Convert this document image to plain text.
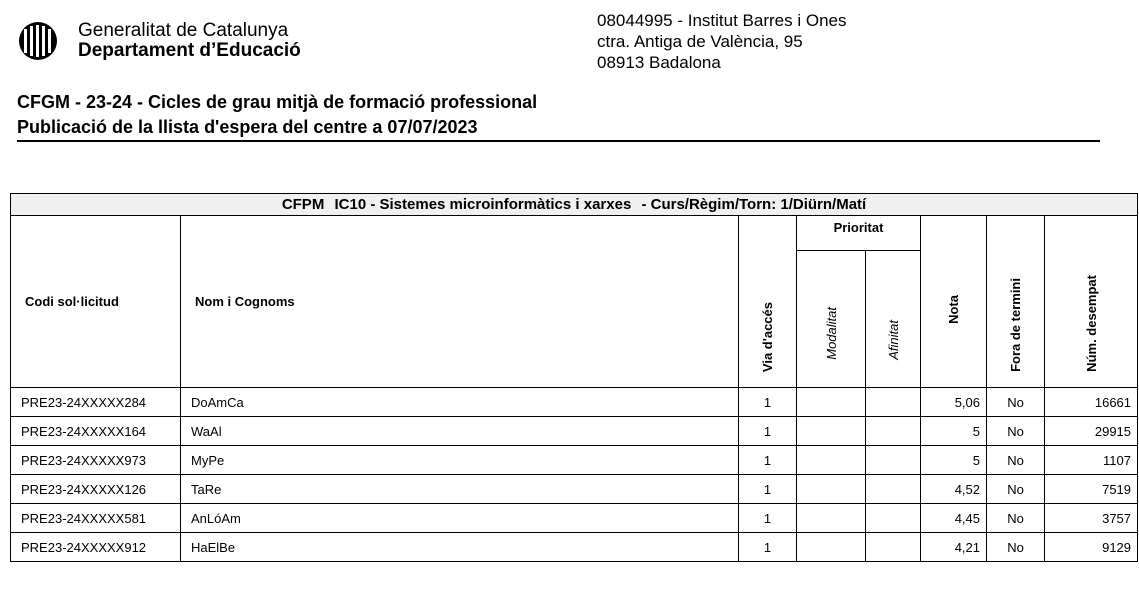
Generalitat de Catalunya
Departament d’Educació
08044995 - Institut Barres i Ones
ctra. Antiga de València, 95
08913 Badalona
CFGM - 23-24 - Cicles de grau mitjà de formació professional
Publicació de la llista d'espera del centre a 07/07/2023
CFPM IC10 - Sistemes microinformàtics i xarxes - Curs/Règim/Torn: 1/Diürn/Matí							
Codi sol·licitud	Nom i Cognoms	Via d'accés	Prioritat		Nota	Fora de termini	Núm. desempat
			Modalitat	Afinitat			
PRE23-24XXXXX284	DoAmCa	1			5,06	No	16661
PRE23-24XXXXX164	WaAl	1			5	No	29915
PRE23-24XXXXX973	MyPe	1			5	No	1107
PRE23-24XXXXX126	TaRe	1			4,52	No	7519
PRE23-24XXXXX581	AnLóAm	1			4,45	No	3757
PRE23-24XXXXX912	HaElBe	1			4,21	No	9129
